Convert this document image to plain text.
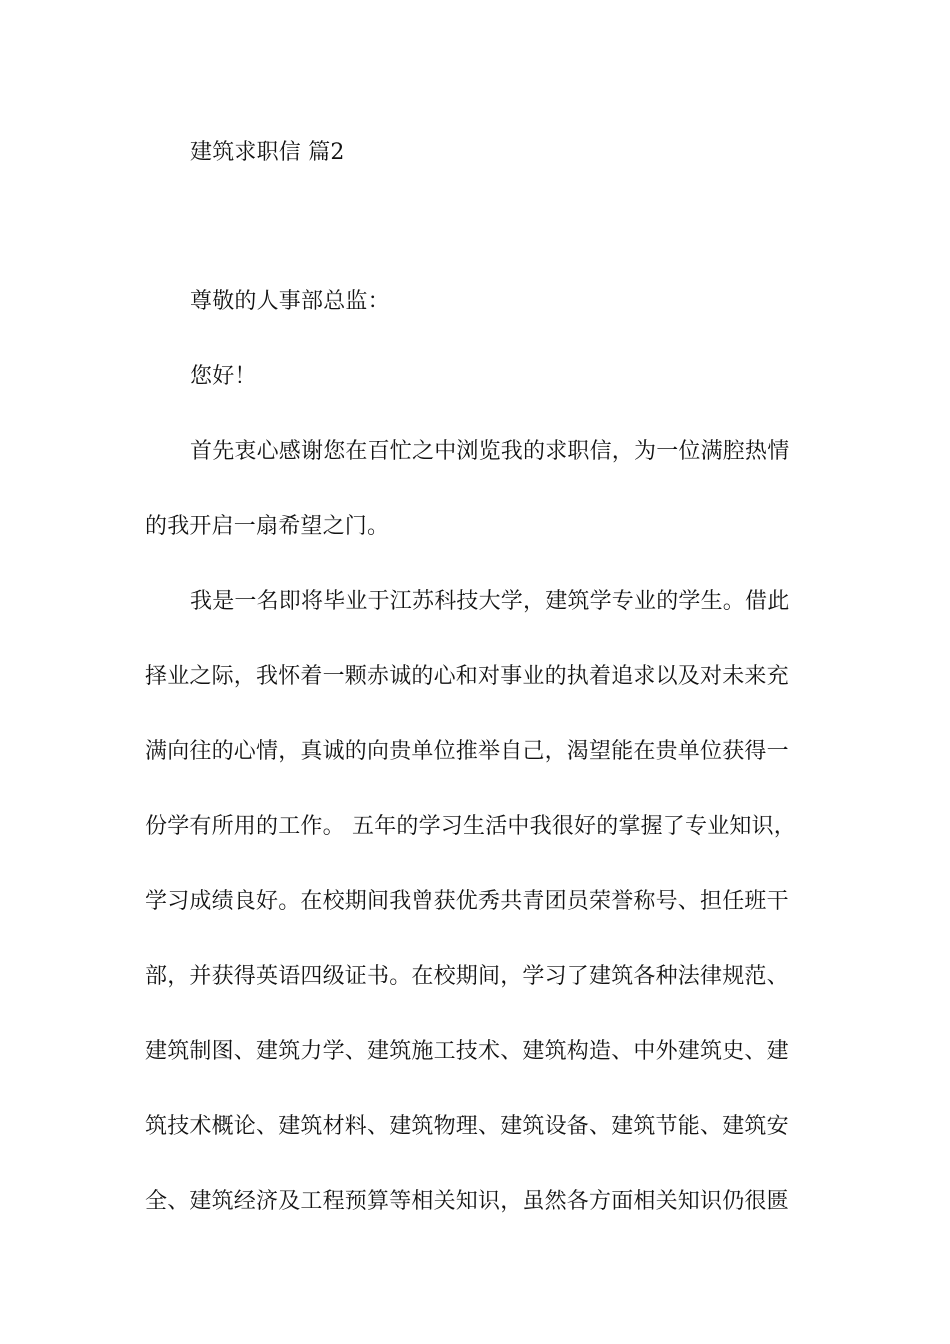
建筑求职信 篇2
尊敬的人事部总监：
您好！
首先衷心感谢您在百忙之中浏览我的求职信，为一位满腔热情
的我开启一扇希望之门。
我是一名即将毕业于江苏科技大学，建筑学专业的学生。借此
择业之际，我怀着一颗赤诚的心和对事业的执着追求以及对未来充
满向往的心情，真诚的向贵单位推举自己，渴望能在贵单位获得一
份学有所用的工作。 五年的学习生活中我很好的掌握了专业知识，
学习成绩良好。在校期间我曾获优秀共青团员荣誉称号、担任班干
部，并获得英语四级证书。在校期间，学习了建筑各种法律规范、
建筑制图、建筑力学、建筑施工技术、建筑构造、中外建筑史、建
筑技术概论、建筑材料、建筑物理、建筑设备、建筑节能、建筑安
全、建筑经济及工程预算等相关知识，虽然各方面相关知识仍很匮
